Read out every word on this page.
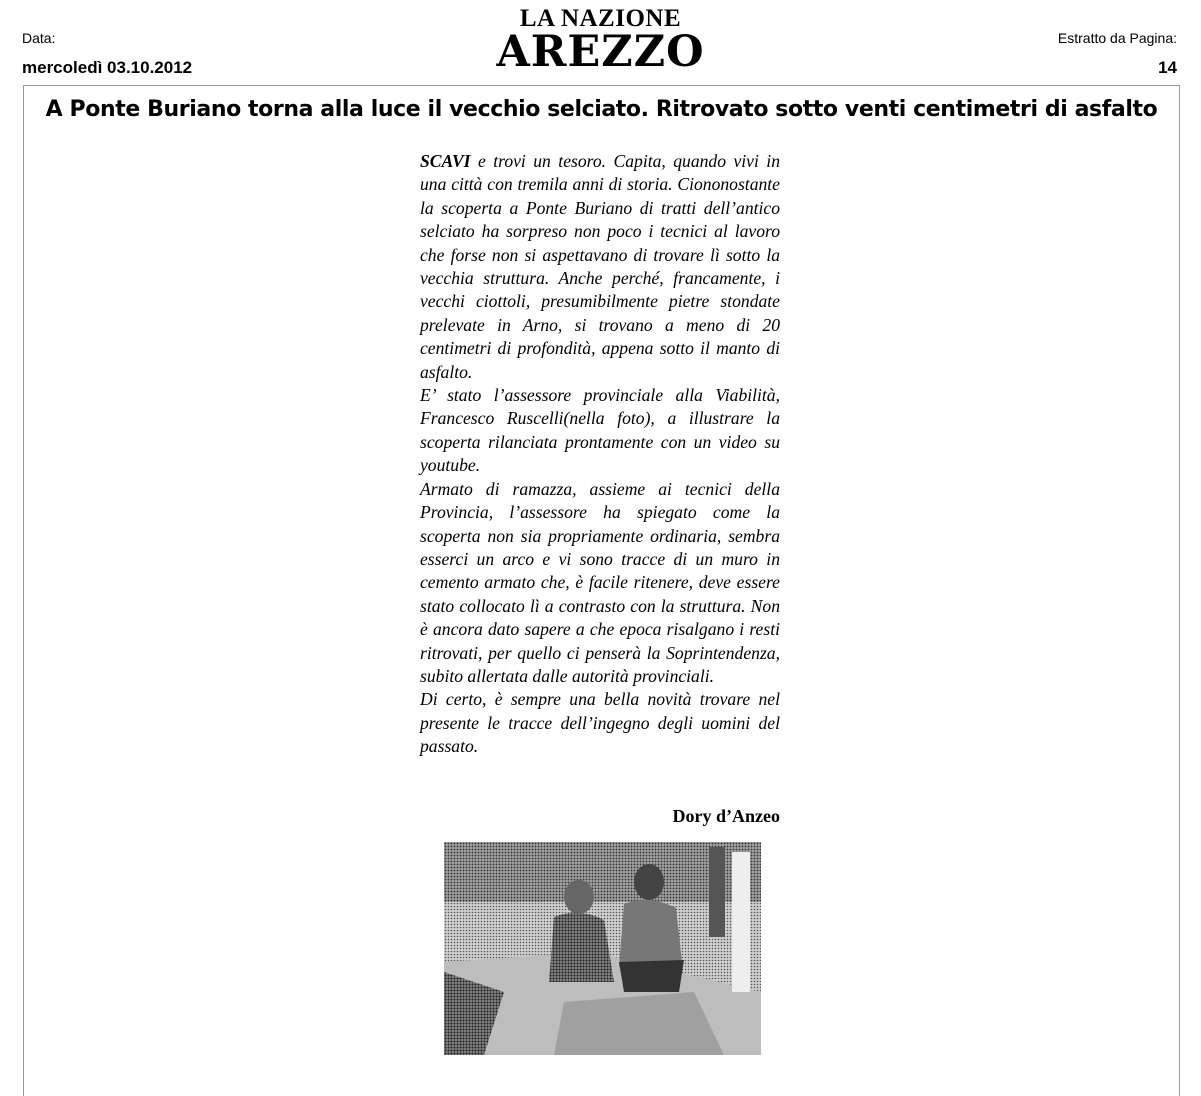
Data:
mercoledì 03.10.2012
LA NAZIONE
AREZZO	Estratto da Pagina:
14
A Ponte Buriano torna alla luce il vecchio selciato. Ritrovato sotto venti centimetri di asfalto

SCAVI e trovi un tesoro. Capita, quando vivi in una città con tremila anni di storia. Ciononostante la scoperta a Ponte Buriano di tratti dell’antico selciato ha sorpreso non poco i tecnici al lavoro che forse non si aspettavano di trovare lì sotto la vecchia struttura. Anche perché, francamente, i vecchi ciottoli, presumibilmente pietre stondate prelevate in Arno, si trovano a meno di 20 centimetri di profondità, appena sotto il manto di asfalto.

E’ stato l’assessore provinciale alla Viabilità, Francesco Ruscelli(nella foto), a illustrare la scoperta rilanciata prontamente con un video su youtube.

Armato di ramazza, assieme ai tecnici della Provincia, l’assessore ha spiegato come la scoperta non sia propriamente ordinaria, sembra esserci un arco e vi sono tracce di un muro in cemento armato che, è facile ritenere, deve essere stato collocato lì a contrasto con la struttura. Non è ancora dato sapere a che epoca risalgano i resti ritrovati, per quello ci penserà la Soprintendenza, subito allertata dalle autorità provinciali.

Di certo, è sempre una bella novità trovare nel presente le tracce dell’ingegno degli uomini del passato.

Dory d’Anzeo
